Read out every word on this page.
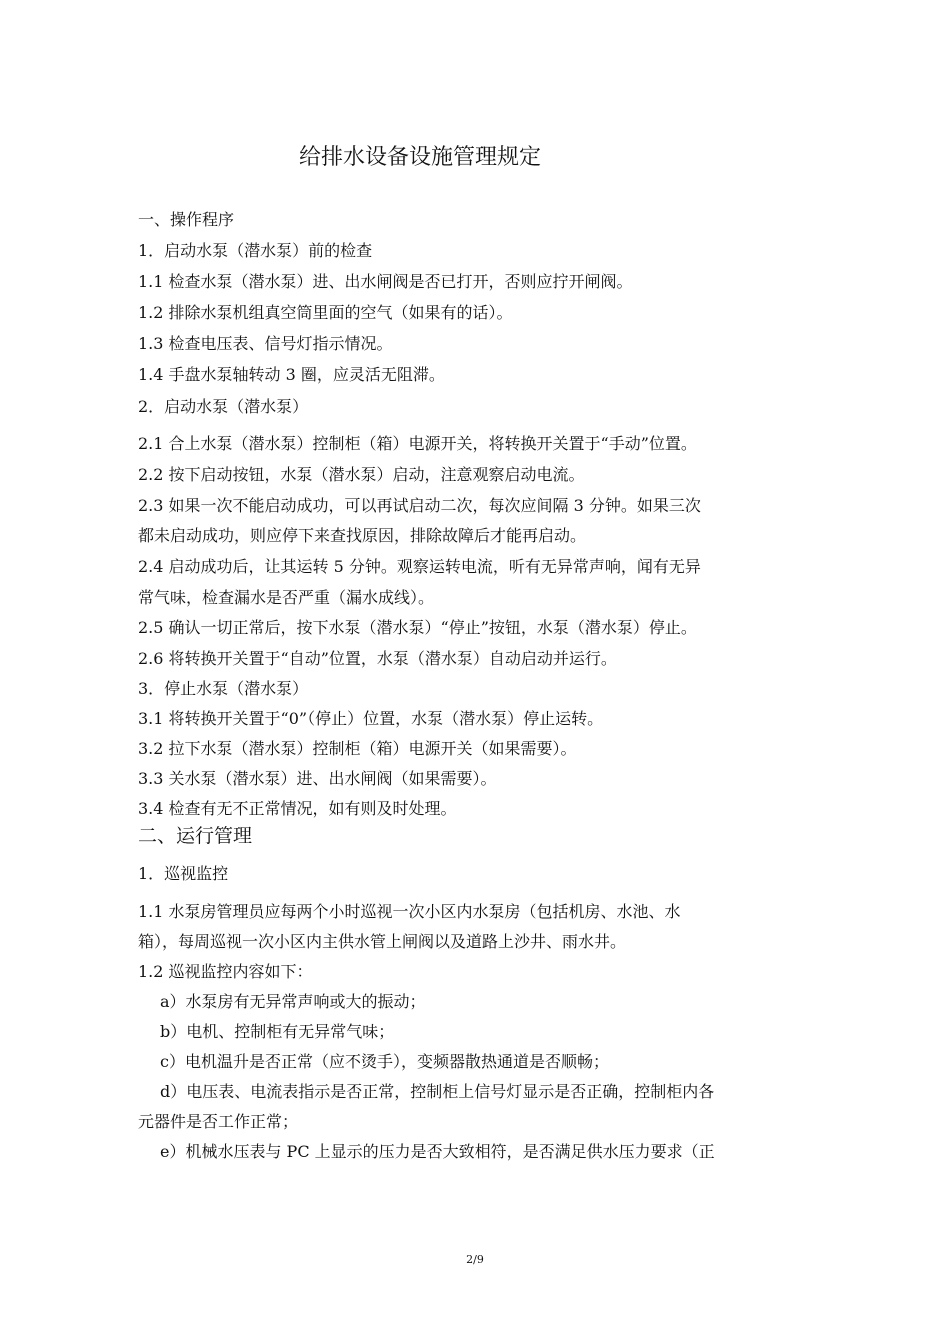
给排水设备设施管理规定
一、操作程序
1．启动水泵（潜水泵）前的检查
1.1 检查水泵（潜水泵）进、出水闸阀是否已打开，否则应拧开闸阀。
1.2 排除水泵机组真空筒里面的空气（如果有的话）。
1.3 检查电压表、信号灯指示情况。
1.4 手盘水泵轴转动 3 圈，应灵活无阻滞。
2．启动水泵（潜水泵）
2.1 合上水泵（潜水泵）控制柜（箱）电源开关，将转换开关置于“手动”位置。
2.2 按下启动按钮，水泵（潜水泵）启动，注意观察启动电流。
2.3 如果一次不能启动成功，可以再试启动二次，每次应间隔 3 分钟。如果三次
都未启动成功，则应停下来查找原因，排除故障后才能再启动。
2.4 启动成功后，让其运转 5 分钟。观察运转电流，听有无异常声响，闻有无异
常气味，检查漏水是否严重（漏水成线）。
2.5 确认一切正常后，按下水泵（潜水泵）“停止”按钮，水泵（潜水泵）停止。
2.6 将转换开关置于“自动”位置，水泵（潜水泵）自动启动并运行。
3．停止水泵（潜水泵）
3.1 将转换开关置于“0”（停止）位置，水泵（潜水泵）停止运转。
3.2 拉下水泵（潜水泵）控制柜（箱）电源开关（如果需要）。
3.3 关水泵（潜水泵）进、出水闸阀（如果需要）。
3.4 检查有无不正常情况，如有则及时处理。
二、运行管理
1．巡视监控
1.1 水泵房管理员应每两个小时巡视一次小区内水泵房（包括机房、水池、水
箱），每周巡视一次小区内主供水管上闸阀以及道路上沙井、雨水井。
1.2 巡视监控内容如下：
a）水泵房有无异常声响或大的振动；
b）电机、控制柜有无异常气味；
c）电机温升是否正常（应不烫手），变频器散热通道是否顺畅；
d）电压表、电流表指示是否正常，控制柜上信号灯显示是否正确，控制柜内各
元器件是否工作正常；
e）机械水压表与 PC 上显示的压力是否大致相符，是否满足供水压力要求（正
2/9
